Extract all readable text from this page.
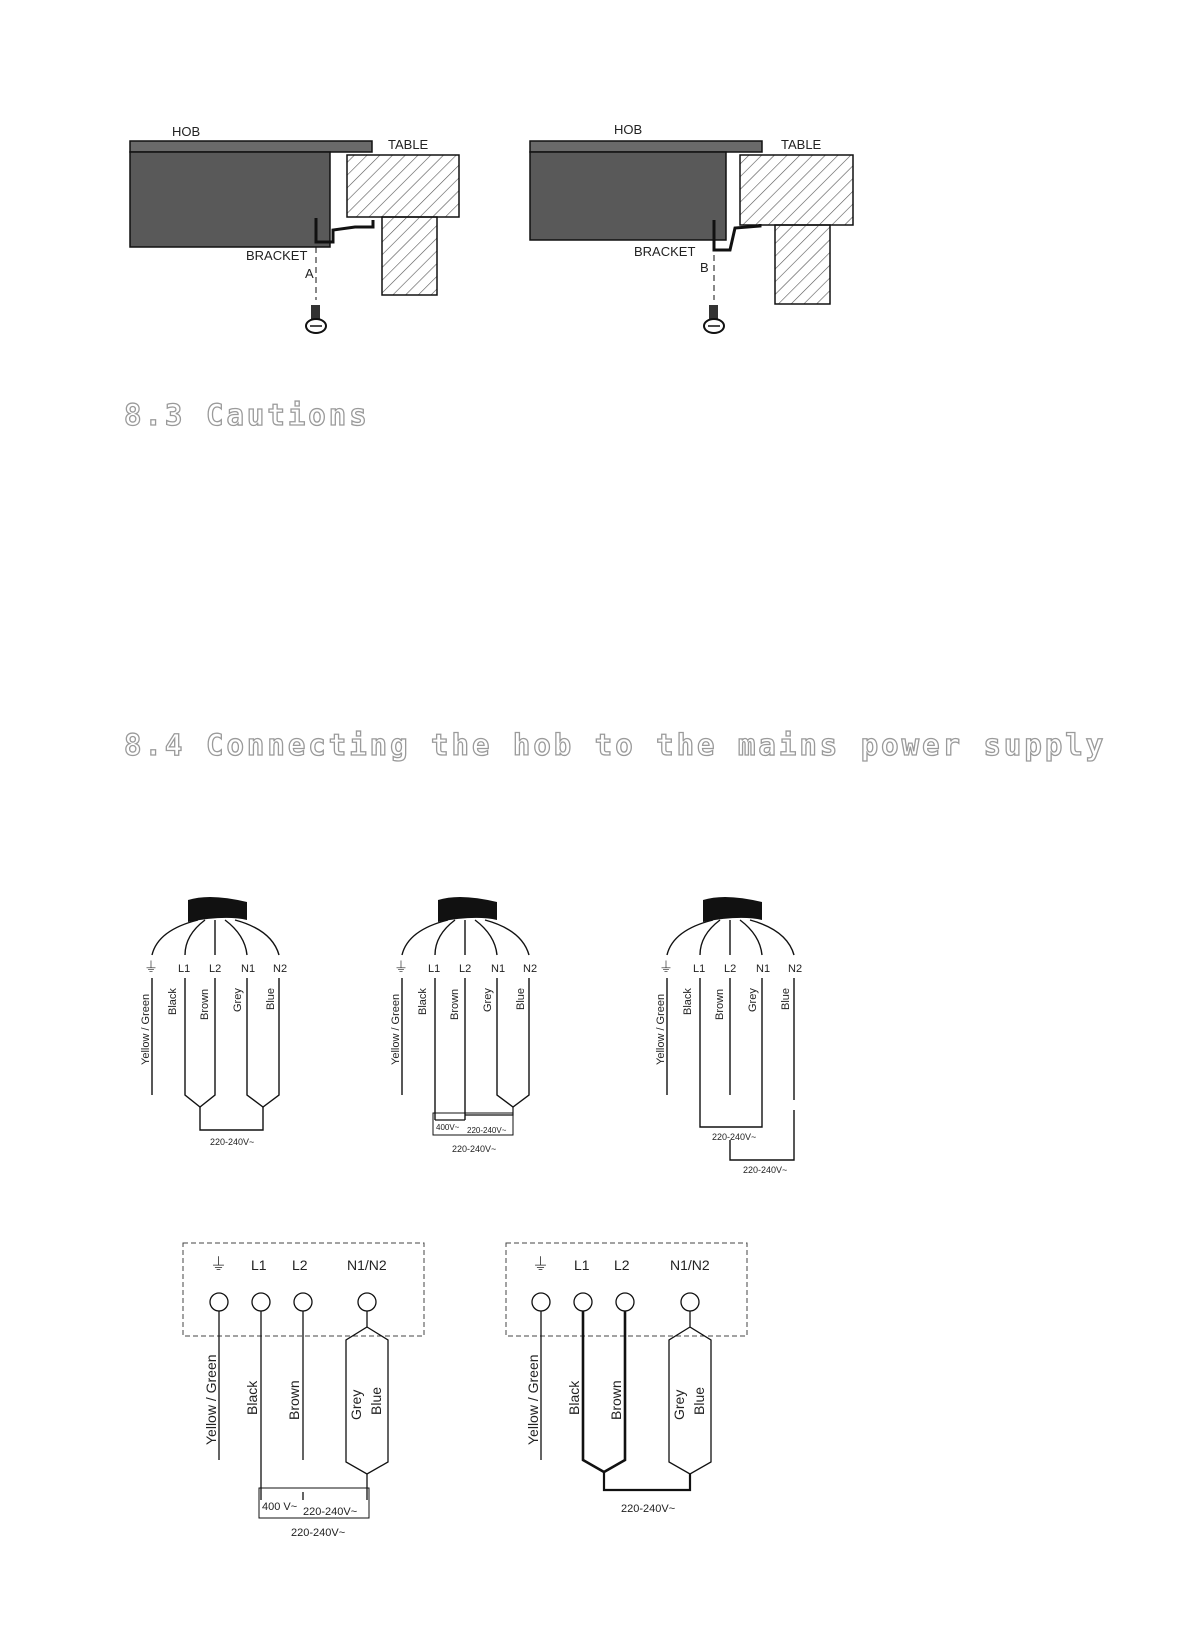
HOB
TABLE
BRACKET
A
HOB
TABLE
BRACKET
B
⏚ L1 L2 N1 N2
Yellow / Green Black Brown Grey Blue
220-240V~
⏚ L1 L2 N1 N2
Yellow / Green Black Brown Grey Blue
400V~ 220-240V~
220-240V~
⏚ L1 L2 N1 N2
Yellow / Green Black Brown Grey Blue
220-240V~
220-240V~
⏚ L1 L2	N1/N2
Yellow / Green Black Brown	Grey Blue
400 V~ 220-240V~
220-240V~
⏚ L1 L2	N1/N2
Yellow / Green Black Brown	Grey Blue
220-240V~
8.3 Cautions
8.4 Connecting the hob to the mains power supply
